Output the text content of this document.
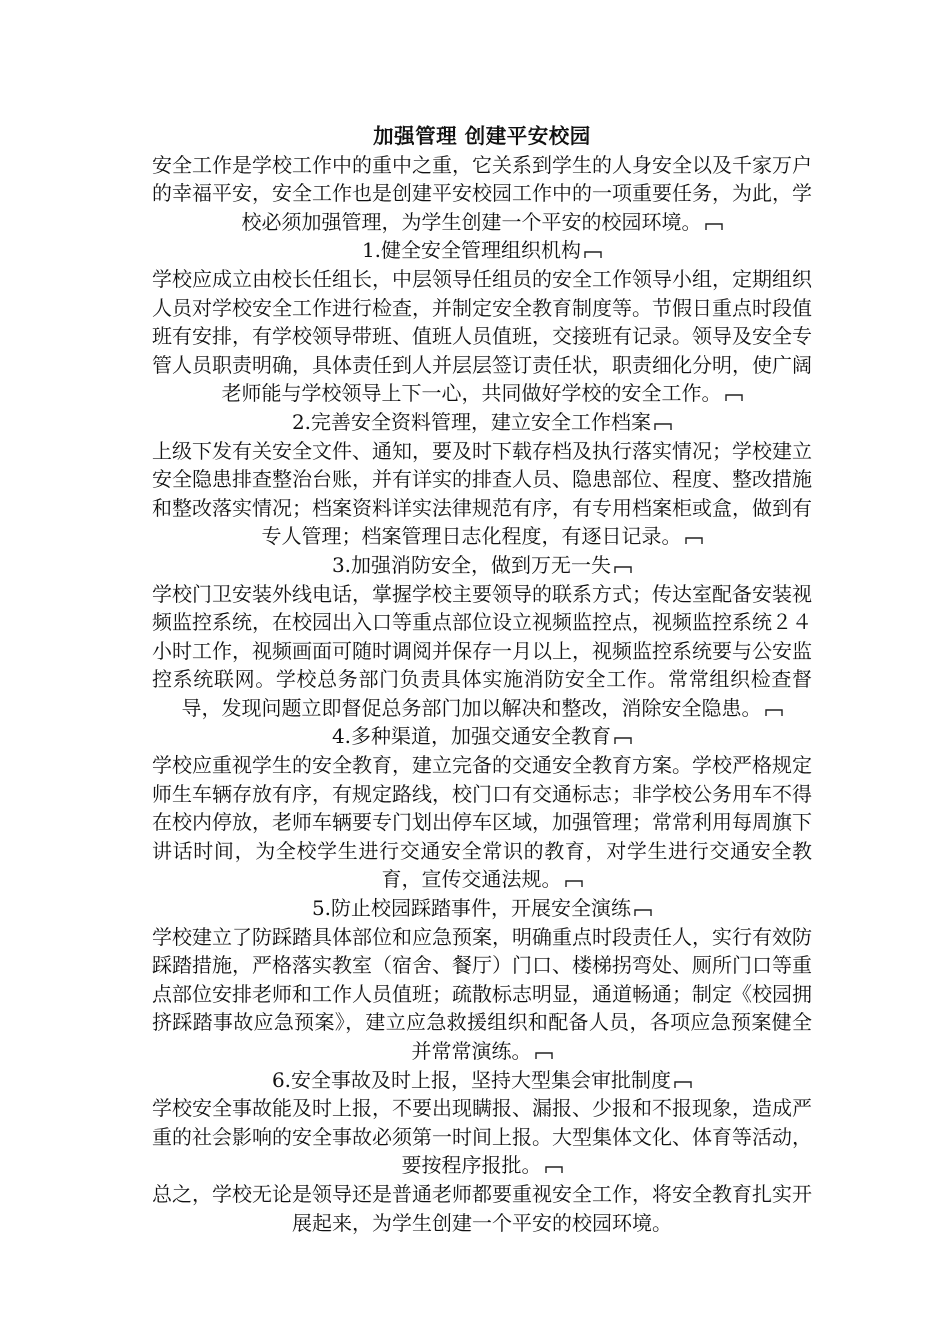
加强管理 创建平安校园
安全工作是学校工作中的重中之重，它关系到学生的人身安全以及千家万户的幸福平安，安全工作也是创建平安校园工作中的一项重要任务，为此，学校必须加强管理，为学生创建一个平安的校园环境。
1.健全安全管理组织机构
学校应成立由校长任组长，中层领导任组员的安全工作领导小组，定期组织人员对学校安全工作进行检查，并制定安全教育制度等。节假日重点时段值班有安排，有学校领导带班、值班人员值班，交接班有记录。领导及安全专管人员职责明确，具体责任到人并层层签订责任状，职责细化分明，使广阔老师能与学校领导上下一心，共同做好学校的安全工作。
2.完善安全资料管理，建立安全工作档案
上级下发有关安全文件、通知，要及时下载存档及执行落实情况；学校建立安全隐患排查整治台账，并有详实的排查人员、隐患部位、程度、整改措施和整改落实情况；档案资料详实法律规范有序，有专用档案柜或盒，做到有专人管理；档案管理日志化程度，有逐日记录。
3.加强消防安全，做到万无一失
学校门卫安装外线电话，掌握学校主要领导的联系方式；传达室配备安装视频监控系统，在校园出入口等重点部位设立视频监控点，视频监控系统２４ 小时工作，视频画面可随时调阅并保存一月以上，视频监控系统要与公安监控系统联网。学校总务部门负责具体实施消防安全工作。常常组织检查督导，发现问题立即督促总务部门加以解决和整改，消除安全隐患。
4.多种渠道，加强交通安全教育
学校应重视学生的安全教育，建立完备的交通安全教育方案。学校严格规定师生车辆存放有序，有规定路线，校门口有交通标志；非学校公务用车不得在校内停放，老师车辆要专门划出停车区域，加强管理；常常利用每周旗下讲话时间，为全校学生进行交通安全常识的教育，对学生进行交通安全教育，宣传交通法规。
5.防止校园踩踏事件，开展安全演练
学校建立了防踩踏具体部位和应急预案，明确重点时段责任人，实行有效防踩踏措施，严格落实教室（宿舍、餐厅）门口、楼梯拐弯处、厕所门口等重点部位安排老师和工作人员值班；疏散标志明显，通道畅通；制定《校园拥挤踩踏事故应急预案》，建立应急救援组织和配备人员，各项应急预案健全并常常演练。
6.安全事故及时上报，坚持大型集会审批制度
学校安全事故能及时上报，不要出现瞒报、漏报、少报和不报现象，造成严重的社会影响的安全事故必须第一时间上报。大型集体文化、体育等活动，要按程序报批。
总之，学校无论是领导还是普通老师都要重视安全工作，将安全教育扎实开展起来，为学生创建一个平安的校园环境。
